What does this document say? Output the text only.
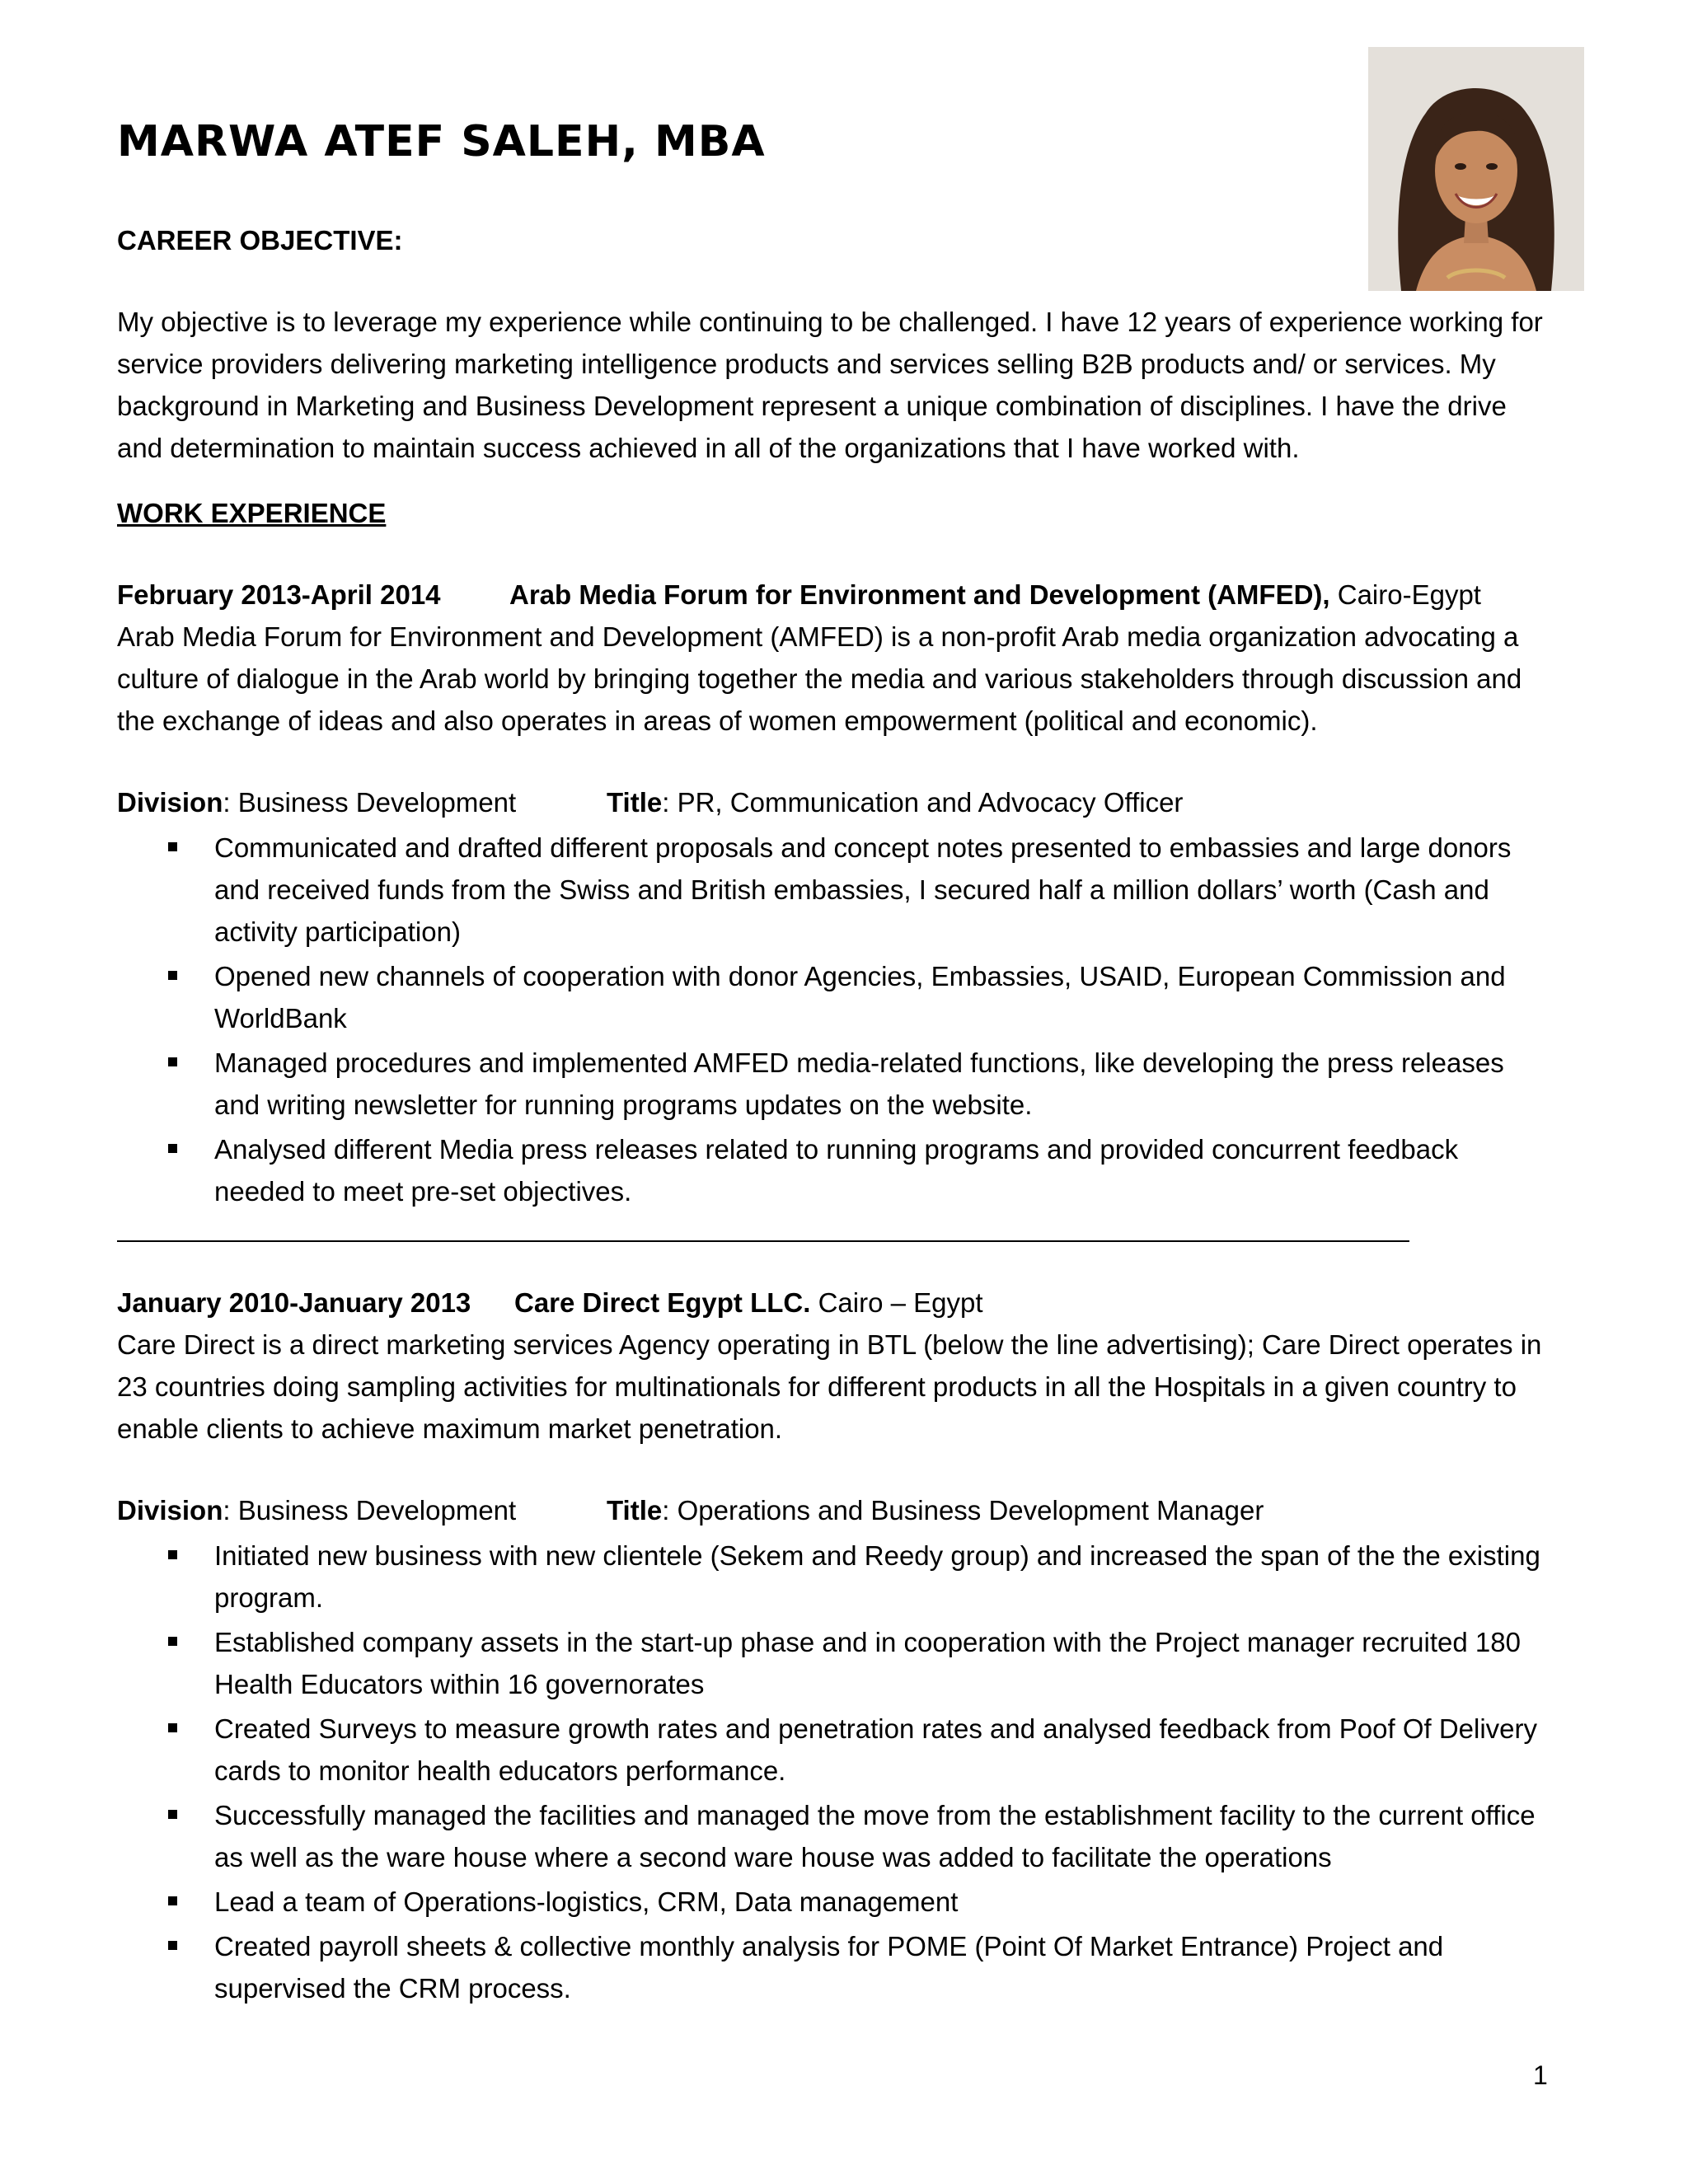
MARWA ATEF SALEH, MBA
CAREER OBJECTIVE:

My objective is to leverage my experience while continuing to be challenged. I have 12 years of experience working for service providers delivering marketing intelligence products and services selling B2B products and/ or services. My background in Marketing and Business Development represent a unique combination of disciplines. I have the drive and determination to maintain success achieved in all of the organizations that I have worked with.

WORK EXPERIENCE
February 2013-April 2014	Arab Media Forum for Environment and Development (AMFED), Cairo-Egypt

Arab Media Forum for Environment and Development (AMFED) is a non-profit Arab media organization advocating a culture of dialogue in the Arab world by bringing together the media and various stakeholders through discussion and the exchange of ideas and also operates in areas of women empowerment (political and economic).

Division: Business Development	Title: PR, Communication and Advocacy Officer
Communicated and drafted different proposals and concept notes presented to embassies and large donors and received funds from the Swiss and British embassies, I secured half a million dollars’ worth (Cash and activity participation)
Opened new channels of cooperation with donor Agencies, Embassies, USAID, European Commission and WorldBank
Managed procedures and implemented AMFED media-related functions, like developing the press releases and writing newsletter for running programs updates on the website.
Analysed different Media press releases related to running programs and provided concurrent feedback needed to meet pre-set objectives.
January 2010-January 2013 Care Direct Egypt LLC. Cairo – Egypt

Care Direct is a direct marketing services Agency operating in BTL (below the line advertising); Care Direct operates in 23 countries doing sampling activities for multinationals for different products in all the Hospitals in a given country to enable clients to achieve maximum market penetration.

Division: Business Development	Title: Operations and Business Development Manager
Initiated new business with new clientele (Sekem and Reedy group) and increased the span of the the existing program.
Established company assets in the start-up phase and in cooperation with the Project manager recruited 180 Health Educators within 16 governorates
Created Surveys to measure growth rates and penetration rates and analysed feedback from Poof Of Delivery cards to monitor health educators performance.
Successfully managed the facilities and managed the move from the establishment facility to the current office as well as the ware house where a second ware house was added to facilitate the operations
Lead a team of Operations-logistics, CRM, Data management
Created payroll sheets & collective monthly analysis for POME (Point Of Market Entrance) Project and supervised the CRM process.
1
